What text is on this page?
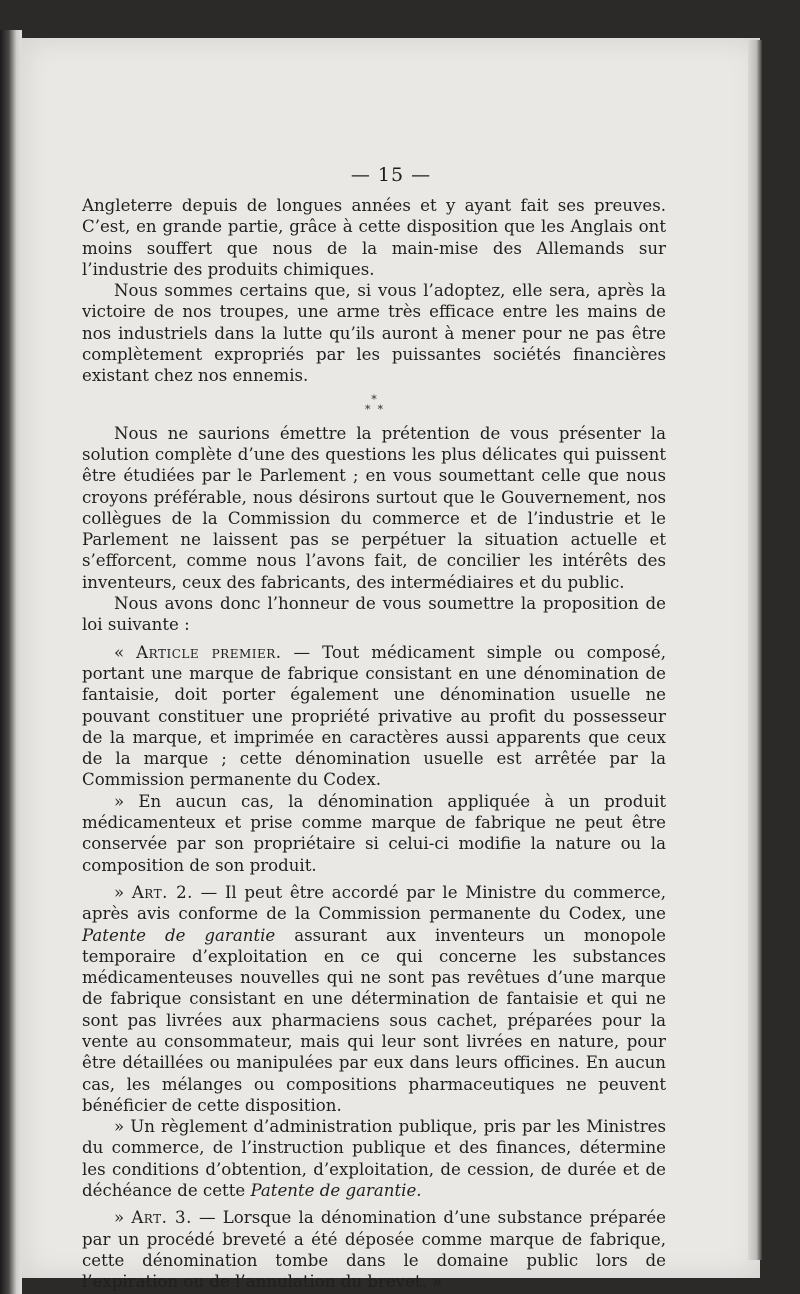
— 15 —

Angleterre depuis de longues années et y ayant fait ses preuves. C’est, en grande partie, grâce à cette disposition que les Anglais ont moins souffert que nous de la main-mise des Allemands sur l’industrie des produits chimiques.

Nous sommes certains que, si vous l’adoptez, elle sera, après la victoire de nos troupes, une arme très efficace entre les mains de nos industriels dans la lutte qu’ils auront à mener pour ne pas être complètement expropriés par les puissantes sociétés financières existant chez nos ennemis.

*
*  *

Nous ne saurions émettre la prétention de vous présenter la solution complète d’une des questions les plus délicates qui puissent être étudiées par le Parlement ; en vous soumettant celle que nous croyons préférable, nous désirons surtout que le Gouvernement, nos collègues de la Commission du commerce et de l’industrie et le Parlement ne laissent pas se perpétuer la situation actuelle et s’efforcent, comme nous l’avons fait, de concilier les intérêts des inventeurs, ceux des fabricants, des intermédiaires et du public.

Nous avons donc l’honneur de vous soumettre la proposition de loi suivante :

« Article premier. — Tout médicament simple ou composé, portant une marque de fabrique consistant en une dénomination de fantaisie, doit porter également une dénomination usuelle ne pouvant constituer une propriété privative au profit du possesseur de la marque, et imprimée en caractères aussi apparents que ceux de la marque ; cette dénomination usuelle est arrêtée par la Commission permanente du Codex.

» En aucun cas, la dénomination appliquée à un produit médicamenteux et prise comme marque de fabrique ne peut être conservée par son propriétaire si celui-ci modifie la nature ou la composition de son produit.

» Art. 2. — Il peut être accordé par le Ministre du commerce, après avis conforme de la Commission permanente du Codex, une Patente de garantie assurant aux inventeurs un monopole temporaire d’exploitation en ce qui concerne les substances médicamenteuses nouvelles qui ne sont pas revêtues d’une marque de fabrique consistant en une détermination de fantaisie et qui ne sont pas livrées aux pharmaciens sous cachet, préparées pour la vente au consommateur, mais qui leur sont livrées en nature, pour être détaillées ou manipulées par eux dans leurs officines. En aucun cas, les mélanges ou compositions pharmaceutiques ne peuvent bénéficier de cette disposition.

» Un règlement d’administration publique, pris par les Ministres du commerce, de l’instruction publique et des finances, détermine les conditions d’obtention, d’exploitation, de cession, de durée et de déchéance de cette Patente de garantie.

» Art. 3. — Lorsque la dénomination d’une substance préparée par un procédé breveté a été déposée comme marque de fabrique, cette dénomination tombe dans le domaine public lors de l’expiration ou de l’annulation du brevet. »
